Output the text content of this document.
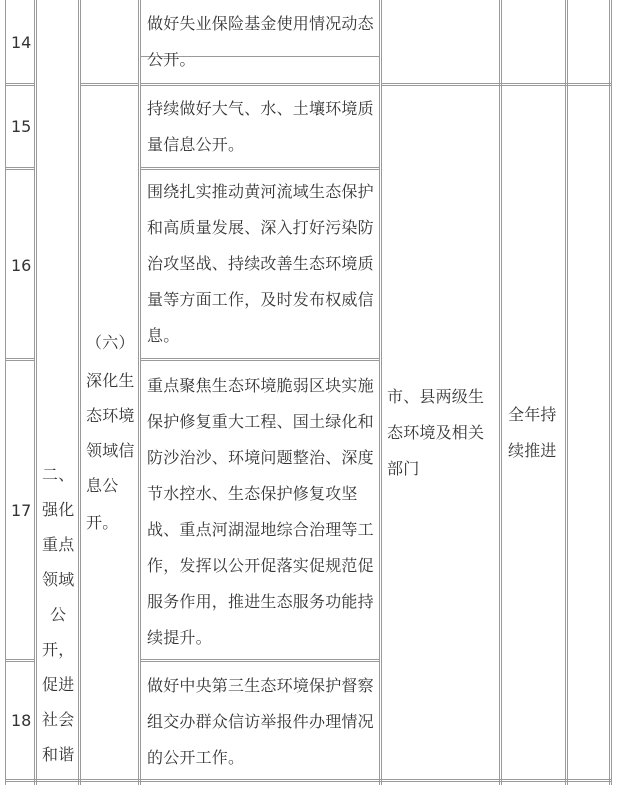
14
15
16
17
18
做好失业保险基金使用情况动态
公开。
持续做好大气、水、土壤环境质
量信息公开。
围绕扎实推动黄河流域生态保护
和高质量发展、深入打好污染防
治攻坚战、持续改善生态环境质
量等方面工作，及时发布权威信
息。
重点聚焦生态环境脆弱区块实施
保护修复重大工程、国土绿化和
防沙治沙、环境问题整治、深度
节水控水、生态保护修复攻坚
战、重点河湖湿地综合治理等工
作，发挥以公开促落实促规范促
服务作用，推进生态服务功能持
续提升。
做好中央第三生态环境保护督察
组交办群众信访举报件办理情况
的公开工作。
二、
强化
重点
领域
公
开，
促进
社会
和谐
（六）
深化生
态环境
领域信
息公
开。
市、县两级生
态环境及相关
部门
全年持
续推进
